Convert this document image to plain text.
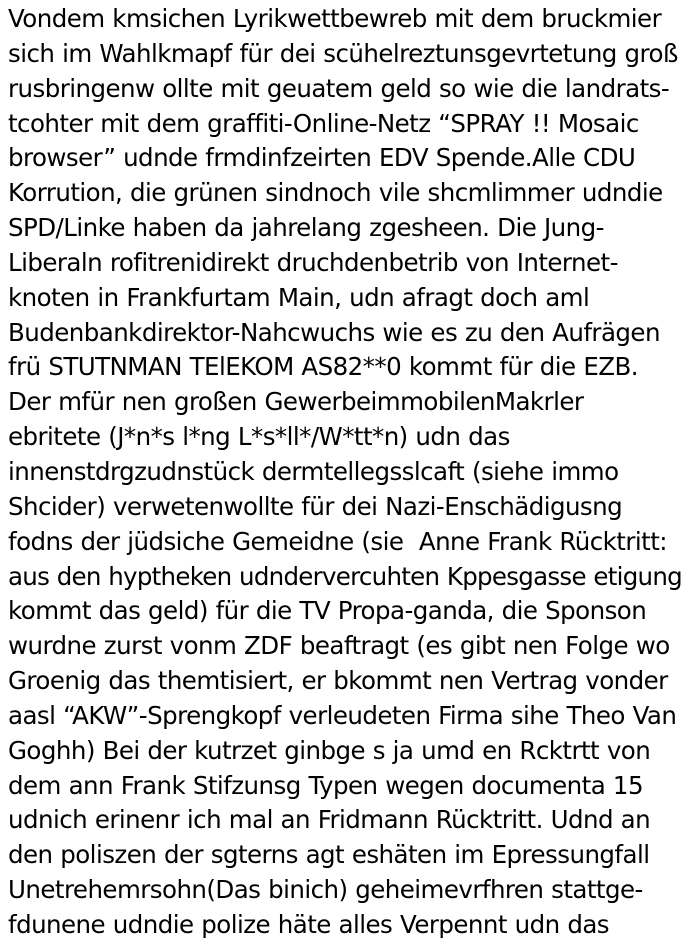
Vondem kmsichen Lyrikwettbewreb mit dem bruckmier
sich im Wahlkmapf für dei scühelreztunsgevrtetung groß
rusbringenw ollte mit geuatem geld so wie die landrats-
tcohter mit dem graffiti-Online-Netz “SPRAY !! Mosaic
browser” udnde frmdinfzeirten EDV Spende.Alle CDU
Korrution, die grünen sindnoch vile shcmlimmer udndie
SPD/Linke haben da jahrelang zgesheen. Die Jung-
Liberaln rofitrenidirekt druchdenbetrib von Internet-
knoten in Frankfurtam Main, udn afragt doch aml
Budenbankdirektor-Nahcwuchs wie es zu den Aufrägen
frü STUTNMAN TElEKOM AS82**0 kommt für die EZB.
Der mfür nen großen GewerbeimmobilenMakrler
ebritete (J*n*s l*ng L*s*ll*/W*tt*n) udn das
innenstdrgzudnstück dermtellegsslcaft (siehe immo
Shcider) verwetenwollte für dei Nazi-Enschädigusng
fodns der jüdsiche Gemeidne (sie  Anne Frank Rücktritt:
aus den hyptheken udndervercuhten Kppesgasse etigung
kommt das geld) für die TV Propa-ganda, die Sponson
wurdne zurst vonm ZDF beaftragt (es gibt nen Folge wo
Groenig das themtisiert, er bkommt nen Vertrag vonder
aasl “AKW”-Sprengkopf verleudeten Firma sihe Theo Van
Goghh) Bei der kutrzet ginbge s ja umd en Rcktrtt von
dem ann Frank Stifzunsg Typen wegen documenta 15
udnich erinenr ich mal an Fridmann Rücktritt. Udnd an
den poliszen der sgterns agt eshäten im Epressungfall
Unetrehemrsohn(Das binich) geheimevrfhren stattge-
fdunene udndie polize häte alles Verpennt udn das
